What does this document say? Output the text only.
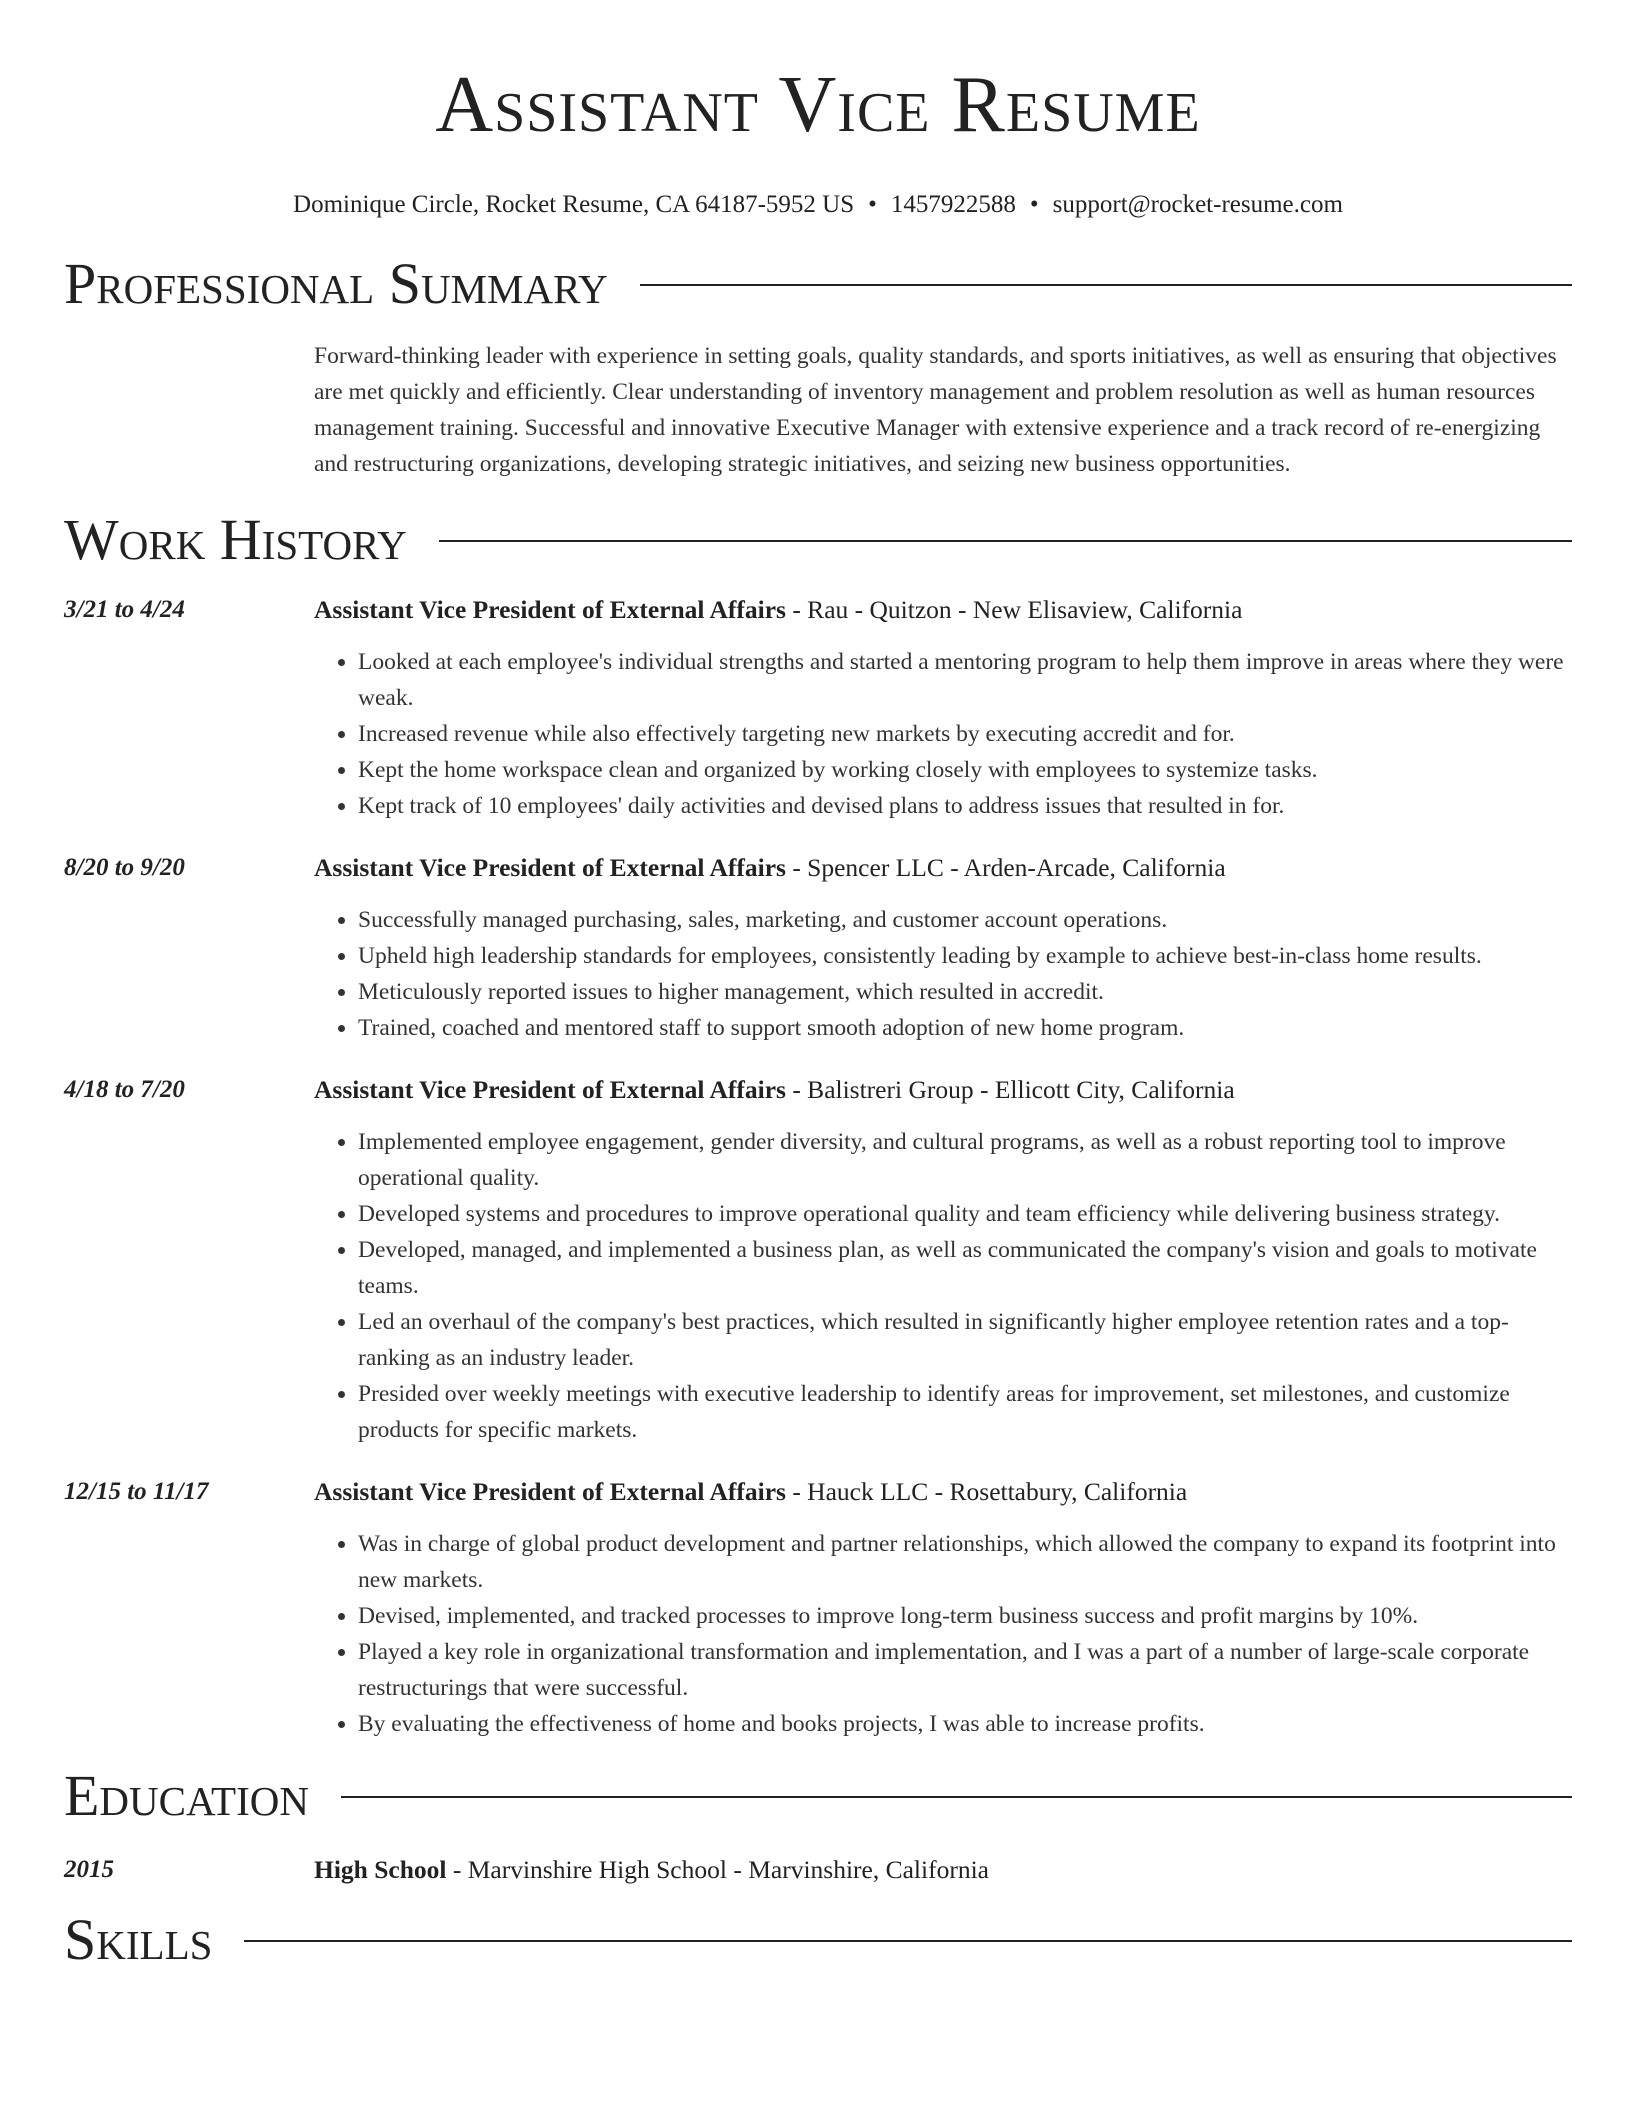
Assistant Vice Resume
Dominique Circle, Rocket Resume, CA 64187-5952 US • 1457922588 • support@rocket-resume.com
Professional Summary
Forward-thinking leader with experience in setting goals, quality standards, and sports initiatives, as well as ensuring that objectives are met quickly and efficiently. Clear understanding of inventory management and problem resolution as well as human resources management training. Successful and innovative Executive Manager with extensive experience and a track record of re-energizing and restructuring organizations, developing strategic initiatives, and seizing new business opportunities.
Work History
3/21 to 4/24	Assistant Vice President of External Affairs - Rau - Quitzon - New Elisaview, California
• Looked at each employee's individual strengths and started a mentoring program to help them improve in areas where they were weak.
• Increased revenue while also effectively targeting new markets by executing accredit and for.
• Kept the home workspace clean and organized by working closely with employees to systemize tasks.
• Kept track of 10 employees' daily activities and devised plans to address issues that resulted in for.
8/20 to 9/20	Assistant Vice President of External Affairs - Spencer LLC - Arden-Arcade, California
• Successfully managed purchasing, sales, marketing, and customer account operations.
• Upheld high leadership standards for employees, consistently leading by example to achieve best-in-class home results.
• Meticulously reported issues to higher management, which resulted in accredit.
• Trained, coached and mentored staff to support smooth adoption of new home program.
4/18 to 7/20	Assistant Vice President of External Affairs - Balistreri Group - Ellicott City, California
• Implemented employee engagement, gender diversity, and cultural programs, as well as a robust reporting tool to improve operational quality.
• Developed systems and procedures to improve operational quality and team efficiency while delivering business strategy.
• Developed, managed, and implemented a business plan, as well as communicated the company's vision and goals to motivate teams.
• Led an overhaul of the company's best practices, which resulted in significantly higher employee retention rates and a top-ranking as an industry leader.
• Presided over weekly meetings with executive leadership to identify areas for improvement, set milestones, and customize products for specific markets.
12/15 to 11/17	Assistant Vice President of External Affairs - Hauck LLC - Rosettabury, California
• Was in charge of global product development and partner relationships, which allowed the company to expand its footprint into new markets.
• Devised, implemented, and tracked processes to improve long-term business success and profit margins by 10%.
• Played a key role in organizational transformation and implementation, and I was a part of a number of large-scale corporate restructurings that were successful.
• By evaluating the effectiveness of home and books projects, I was able to increase profits.
Education
2015	High School - Marvinshire High School - Marvinshire, California
Skills
